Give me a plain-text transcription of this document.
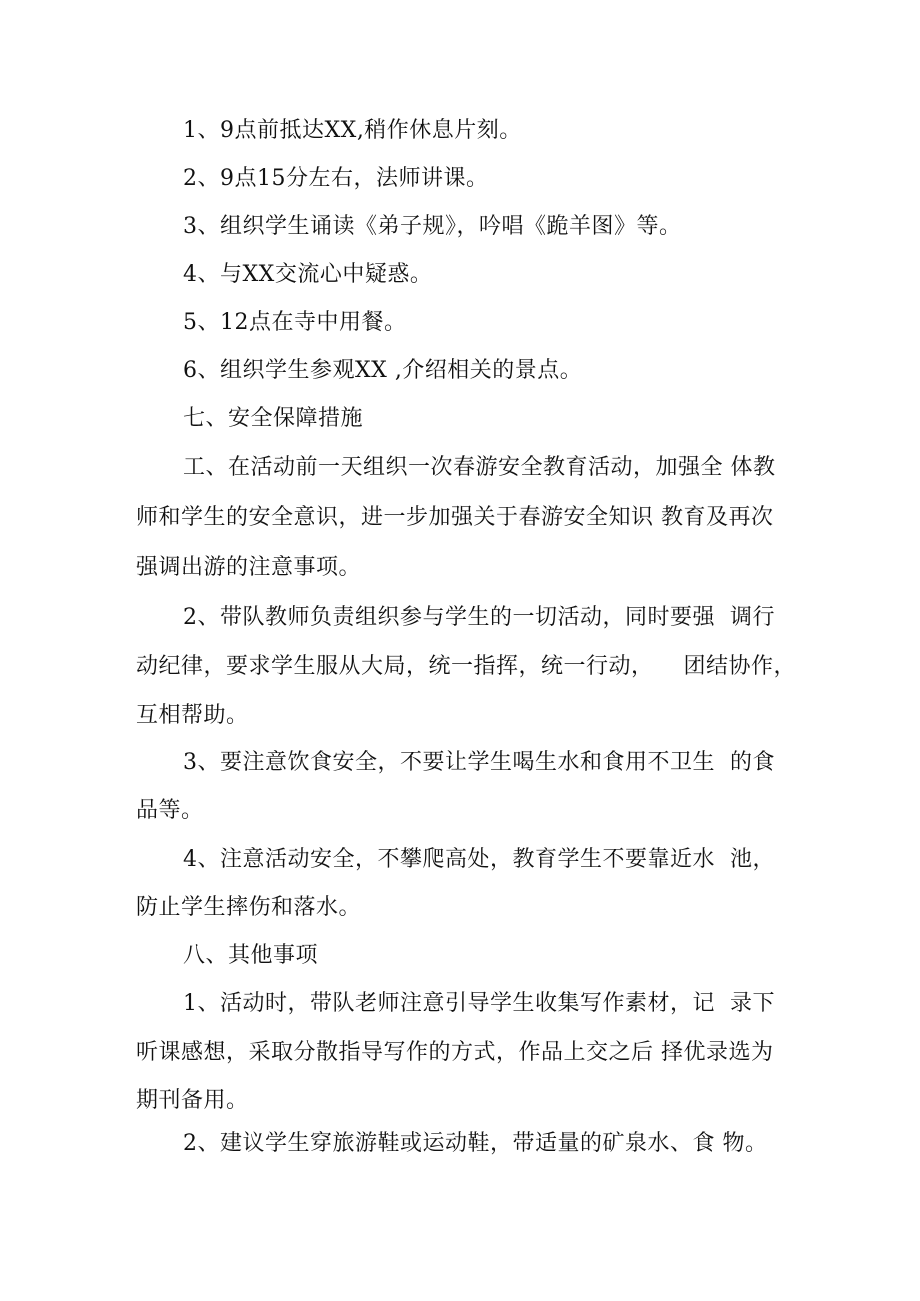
1、9点前抵达XX,稍作休息片刻。
2、9点15分左右，法师讲课。
3、组织学生诵读《弟子规》，吟唱《跪羊图》等。
4、与XX交流心中疑惑。
5、12点在寺中用餐。
6、组织学生参观XX ,介绍相关的景点。
七、安全保障措施
工、在活动前一天组织一次春游安全教育活动，加强全 体教
师和学生的安全意识，进一步加强关于春游安全知识 教育及再次
强调出游的注意事项。
2、带队教师负责组织参与学生的一切活动，同时要强  调行
动纪律，要求学生服从大局，统一指挥，统一行动，    团结协作，
互相帮助。
3、要注意饮食安全，不要让学生喝生水和食用不卫生  的食
品等。
4、注意活动安全，不攀爬高处，教育学生不要靠近水  池，
防止学生摔伤和落水。
八、其他事项
1、活动时，带队老师注意引导学生收集写作素材，记  录下
听课感想，采取分散指导写作的方式，作品上交之后 择优录选为
期刊备用。
2、建议学生穿旅游鞋或运动鞋，带适量的矿泉水、食 物。
